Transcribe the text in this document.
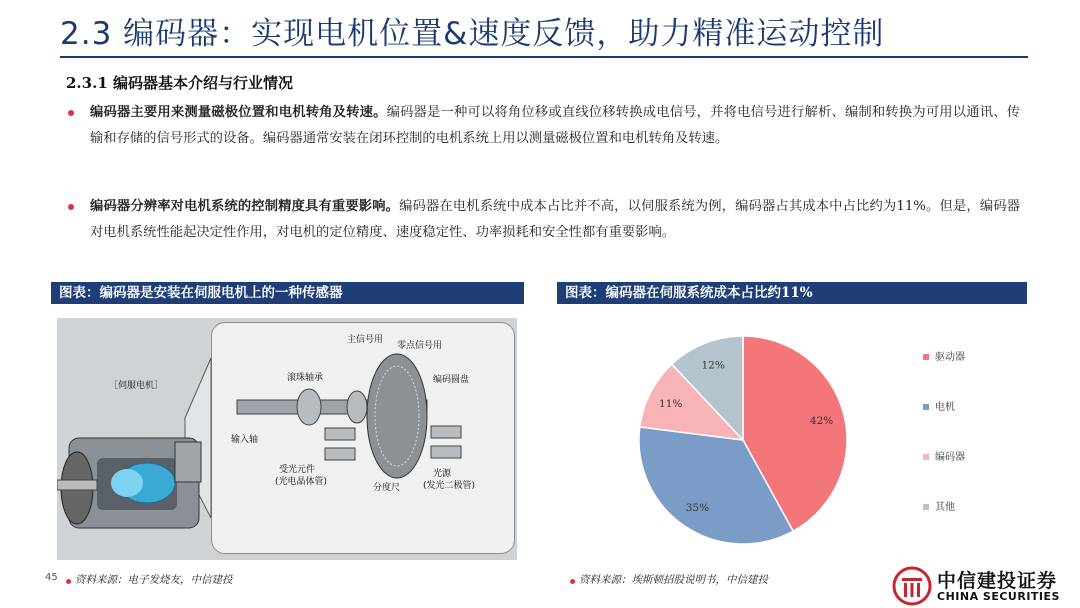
2.3 编码器：实现电机位置&速度反馈，助力精准运动控制
2.3.1 编码器基本介绍与行业情况
编码器主要用来测量磁极位置和电机转角及转速。编码器是一种可以将角位移或直线位移转换成电信号，并将电信号进行解析、编制和转换为可用以通讯、传输和存储的信号形式的设备。编码器通常安装在闭环控制的电机系统上用以测量磁极位置和电机转角及转速。
编码器分辨率对电机系统的控制精度具有重要影响。编码器在电机系统中成本占比并不高，以伺服系统为例，编码器占其成本中占比约为11%。但是，编码器对电机系统性能起决定性作用，对电机的定位精度、速度稳定性、功率损耗和安全性都有重要影响。
图表：编码器是安装在伺服电机上的一种传感器	图表：编码器在伺服系统成本占比约11%
［伺服电机］
滚珠轴承
主信号用
零点信号用
编码圆盘
输入轴
受光元件
(光电晶体管)
分度尺
光源
(发光二极管)
42%
35%
11%
12%
驱动器
电机
编码器
其他
45 资料来源：电子发烧友，中信建投	资料来源：埃斯顿招股说明书，中信建投	中信建投证券
CHINA SECURITIES
